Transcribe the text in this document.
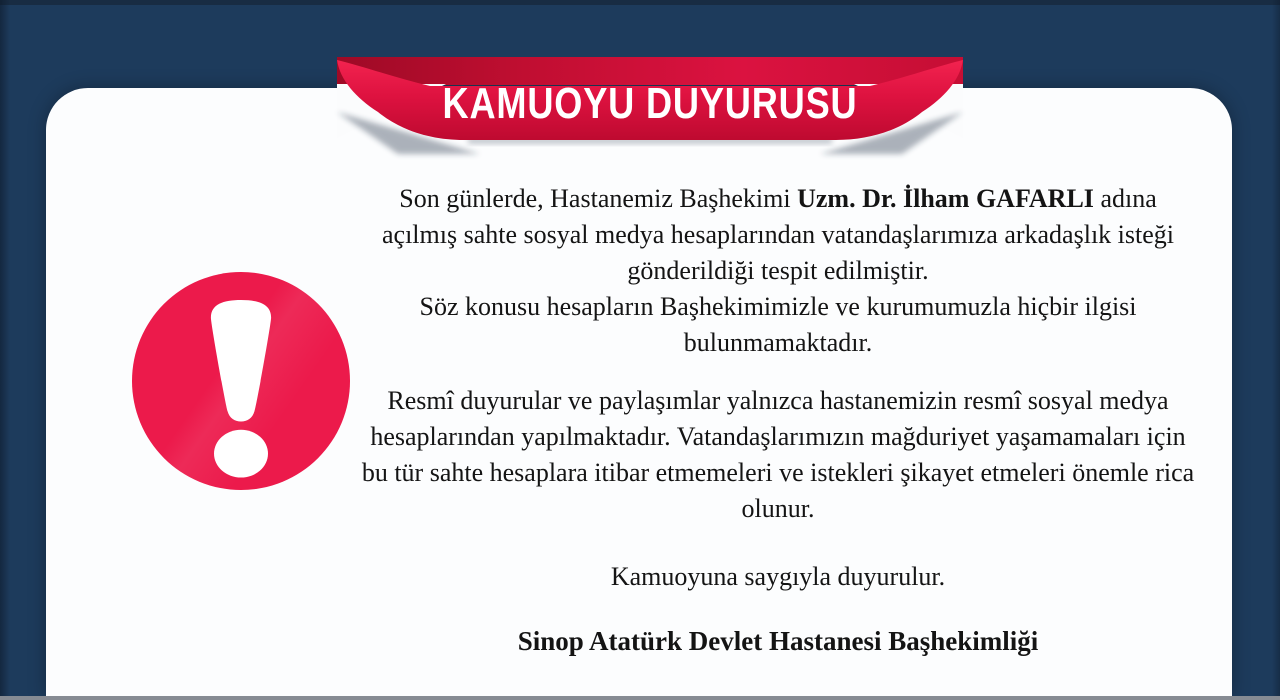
KAMUOYU DUYURUSU

Son günlerde, Hastanemiz Başhekimi Uzm. Dr. İlham GAFARLI adına açılmış sahte sosyal medya hesaplarından vatandaşlarımıza arkadaşlık isteği gönderildiği tespit edilmiştir.

Söz konusu hesapların Başhekimimizle ve kurumumuzla hiçbir ilgisi bulunmamaktadır.

Resmî duyurular ve paylaşımlar yalnızca hastanemizin resmî sosyal medya hesaplarından yapılmaktadır. Vatandaşlarımızın mağduriyet yaşamamaları için bu tür sahte hesaplara itibar etmemeleri ve istekleri şikayet etmeleri önemle rica olunur.

Kamuoyuna saygıyla duyurulur.

Sinop Atatürk Devlet Hastanesi Başhekimliği
